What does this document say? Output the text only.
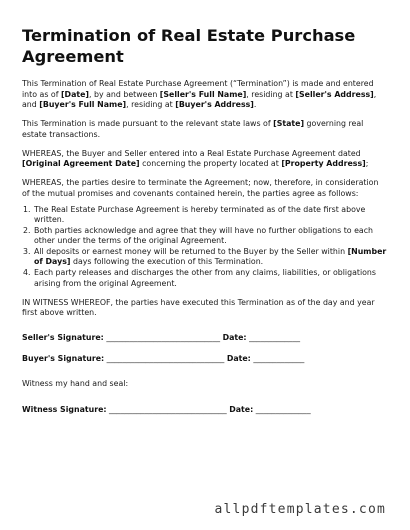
Termination of Real Estate Purchase Agreement

This Termination of Real Estate Purchase Agreement (“Termination”) is made and entered into as of [Date], by and between [Seller's Full Name], residing at [Seller's Address], and [Buyer's Full Name], residing at [Buyer's Address].

This Termination is made pursuant to the relevant state laws of [State] governing real estate transactions.

WHEREAS, the Buyer and Seller entered into a Real Estate Purchase Agreement dated [Original Agreement Date] concerning the property located at [Property Address];

WHEREAS, the parties desire to terminate the Agreement; now, therefore, in consideration of the mutual promises and covenants contained herein, the parties agree as follows:

1. The Real Estate Purchase Agreement is hereby terminated as of the date first above written.
2. Both parties acknowledge and agree that they will have no further obligations to each other under the terms of the original Agreement.
3. All deposits or earnest money will be returned to the Buyer by the Seller within [Number of Days] days following the execution of this Termination.
4. Each party releases and discharges the other from any claims, liabilities, or obligations arising from the original Agreement.

IN WITNESS WHEREOF, the parties have executed this Termination as of the day and year first above written.

Seller's Signature: _____________________________ Date: _____________
Buyer's Signature: ______________________________ Date: _____________

Witness my hand and seal:

Witness Signature: ______________________________ Date: ______________
allpdftemplates.com
